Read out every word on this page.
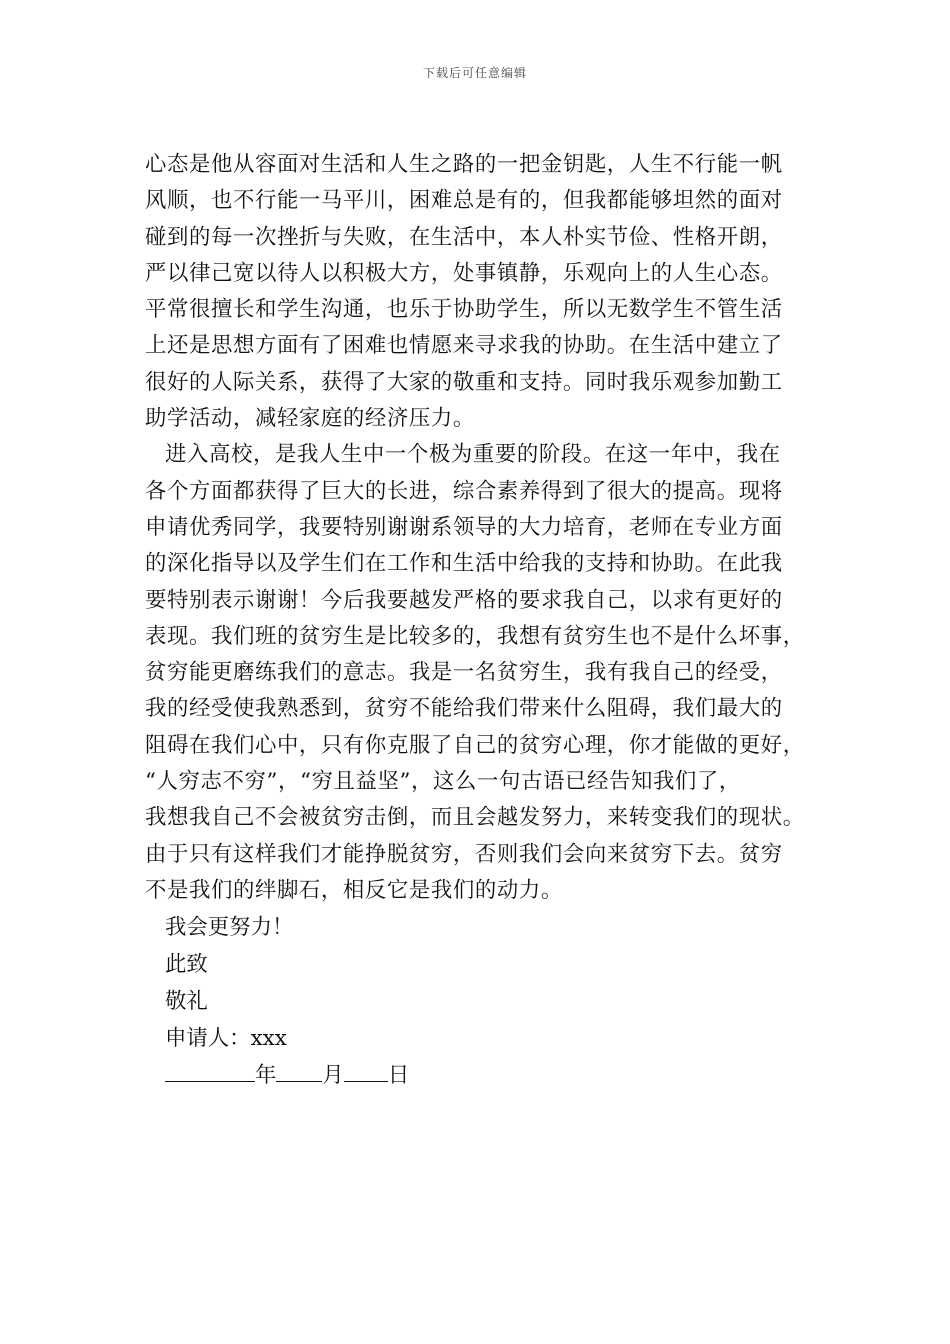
下载后可任意编辑
心态是他从容面对生活和人生之路的一把金钥匙，人生不行能一帆
风顺，也不行能一马平川，困难总是有的，但我都能够坦然的面对
碰到的每一次挫折与失败，在生活中，本人朴实节俭、性格开朗，
严以律己宽以待人以积极大方，处事镇静，乐观向上的人生心态。
平常很擅长和学生沟通，也乐于协助学生，所以无数学生不管生活
上还是思想方面有了困难也情愿来寻求我的协助。在生活中建立了
很好的人际关系，获得了大家的敬重和支持。同时我乐观参加勤工
助学活动，减轻家庭的经济压力。
进入高校，是我人生中一个极为重要的阶段。在这一年中，我在
各个方面都获得了巨大的长进，综合素养得到了很大的提高。现将
申请优秀同学，我要特别谢谢系领导的大力培育，老师在专业方面
的深化指导以及学生们在工作和生活中给我的支持和协助。在此我
要特别表示谢谢！今后我要越发严格的要求我自己，以求有更好的
表现。我们班的贫穷生是比较多的，我想有贫穷生也不是什么坏事，
贫穷能更磨练我们的意志。我是一名贫穷生，我有我自己的经受，
我的经受使我熟悉到，贫穷不能给我们带来什么阻碍，我们最大的
阻碍在我们心中，只有你克服了自己的贫穷心理，你才能做的更好，
“人穷志不穷”，“穷且益坚”，这么一句古语已经告知我们了，
我想我自己不会被贫穷击倒，而且会越发努力，来转变我们的现状。
由于只有这样我们才能挣脱贫穷，否则我们会向来贫穷下去。贫穷
不是我们的绊脚石，相反它是我们的动力。
我会更努力！
此致
敬礼
申请人：xxx
年 月 日
